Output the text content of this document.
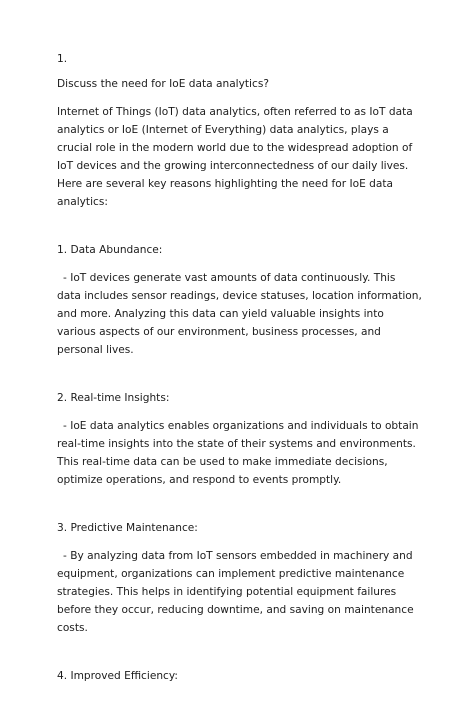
1.

Discuss the need for IoE data analytics?

Internet of Things (IoT) data analytics, often referred to as IoT data analytics or IoE (Internet of Everything) data analytics, plays a crucial role in the modern world due to the widespread adoption of IoT devices and the growing interconnectedness of our daily lives. Here are several key reasons highlighting the need for IoE data analytics:

1. Data Abundance:

- IoT devices generate vast amounts of data continuously. This data includes sensor readings, device statuses, location information, and more. Analyzing this data can yield valuable insights into various aspects of our environment, business processes, and personal lives.

2. Real-time Insights:

- IoE data analytics enables organizations and individuals to obtain real-time insights into the state of their systems and environments. This real-time data can be used to make immediate decisions, optimize operations, and respond to events promptly.

3. Predictive Maintenance:

- By analyzing data from IoT sensors embedded in machinery and equipment, organizations can implement predictive maintenance strategies. This helps in identifying potential equipment failures before they occur, reducing downtime, and saving on maintenance costs.

4. Improved Efficiency:
